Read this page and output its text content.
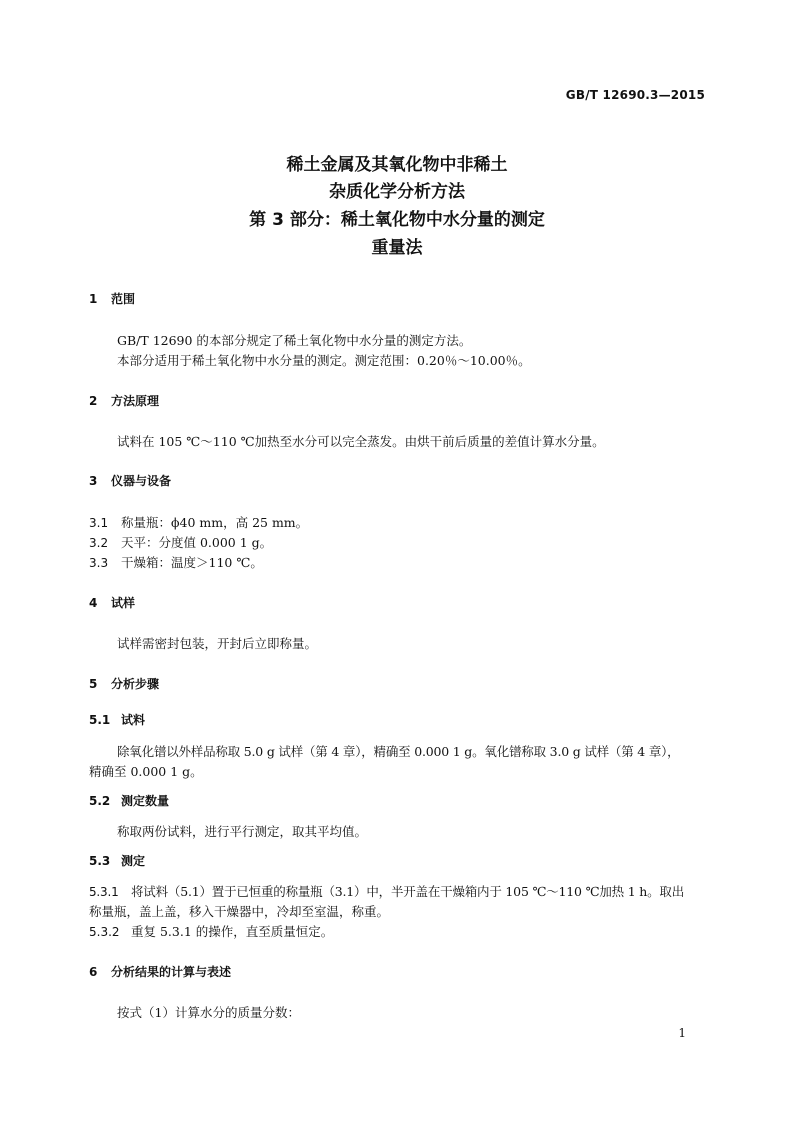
GB/T 12690.3—2015
稀土金属及其氧化物中非稀土
杂质化学分析方法
第 3 部分：稀土氧化物中水分量的测定
重量法
1 范围
GB/T 12690 的本部分规定了稀土氧化物中水分量的测定方法。
本部分适用于稀土氧化物中水分量的测定。测定范围：0.20％～10.00％。
2 方法原理
试料在 105 ℃～110 ℃加热至水分可以完全蒸发。由烘干前后质量的差值计算水分量。
3 仪器与设备
3.1 称量瓶：ϕ40 mm，高 25 mm。
3.2 天平：分度值 0.000 1 g。
3.3 干燥箱：温度＞110 ℃。
4 试样
试样需密封包装，开封后立即称量。
5 分析步骤
5.1 试料
除氧化镨以外样品称取 5.0 g 试样（第 4 章），精确至 0.000 1 g。氧化镨称取 3.0 g 试样（第 4 章），
精确至 0.000 1 g。
5.2 测定数量
称取两份试料，进行平行测定，取其平均值。
5.3 测定
5.3.1 将试料（5.1）置于已恒重的称量瓶（3.1）中，半开盖在干燥箱内于 105 ℃～110 ℃加热 1 h。取出
称量瓶，盖上盖，移入干燥器中，冷却至室温，称重。
5.3.2 重复 5.3.1 的操作，直至质量恒定。
6 分析结果的计算与表述
按式（1）计算水分的质量分数：
1
